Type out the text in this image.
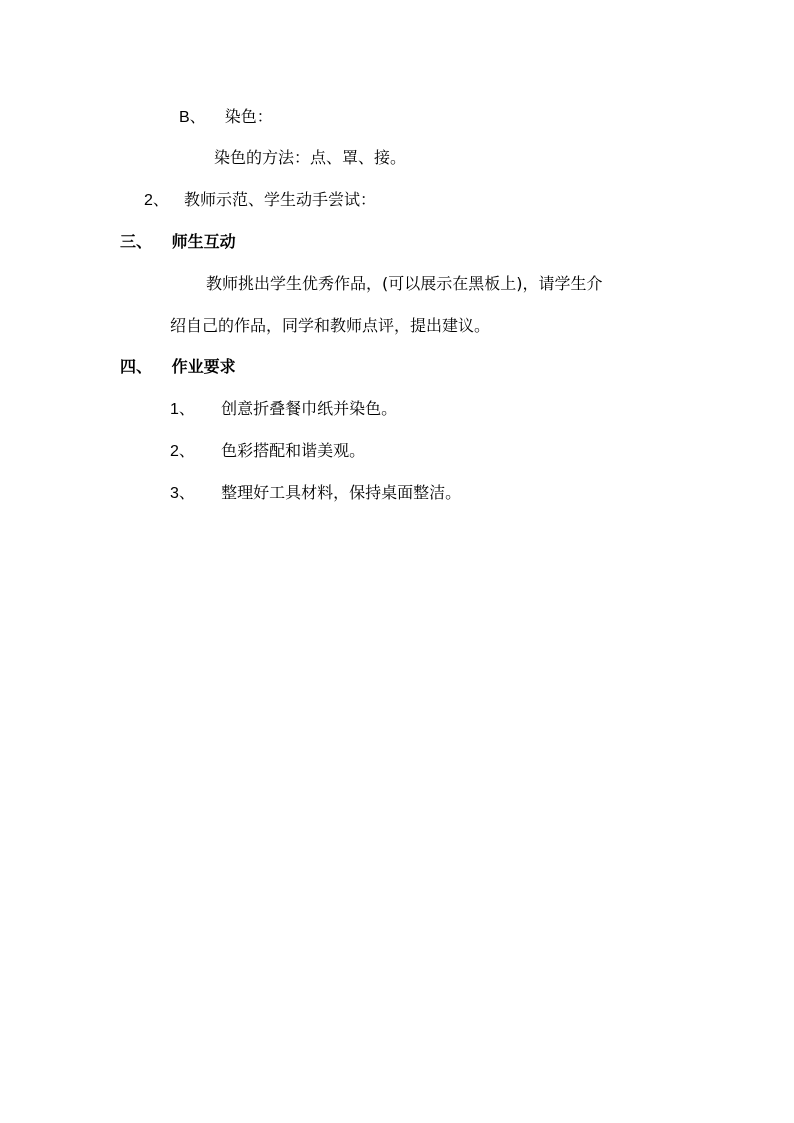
B、 染色：
染色的方法：点、罩、接。
2、 教师示范、学生动手尝试：
三、 师生互动
教师挑出学生优秀作品，(可以展示在黑板上)，请学生介
绍自己的作品，同学和教师点评，提出建议。
四、 作业要求
1、 创意折叠餐巾纸并染色。
2、 色彩搭配和谐美观。
3、 整理好工具材料，保持桌面整洁。
